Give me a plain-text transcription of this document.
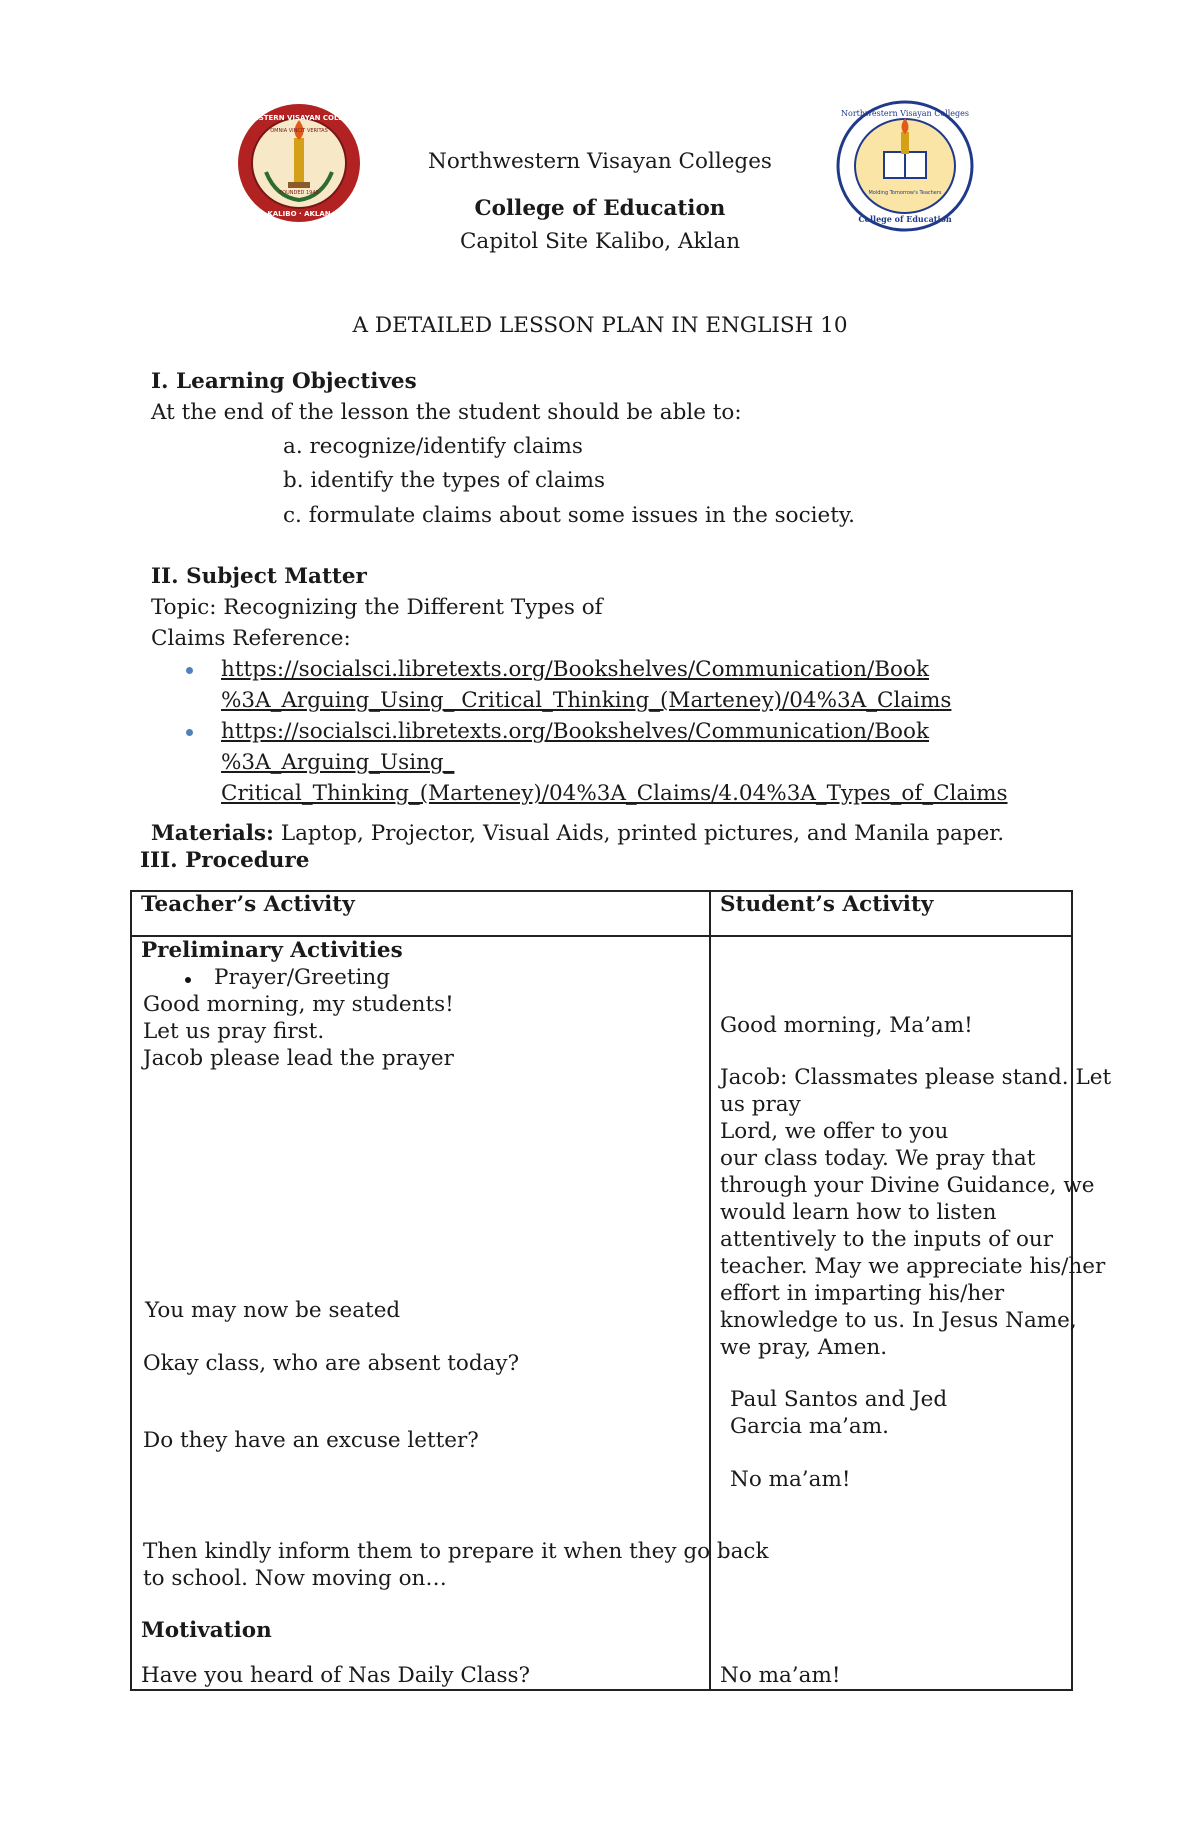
NORTHWESTERN VISAYAN COLLEGES INC
OMNIA VINCIT VERITAS
FOUNDED 1948
KALIBO · AKLAN
Northwestern Visayan Colleges
Molding Tomorrow's Teachers
College of Education
Northwestern Visayan Colleges
College of Education
Capitol Site Kalibo, Aklan
A DETAILED LESSON PLAN IN ENGLISH 10
I. Learning Objectives
At the end of the lesson the student should be able to:
a. recognize/identify claims
b. identify the types of claims
c. formulate claims about some issues in the society.
II. Subject Matter
Topic: Recognizing the Different Types of
Claims Reference:
https://socialsci.libretexts.org/Bookshelves/Communication/Book
%3A_Arguing_Using_ Critical_Thinking_(Marteney)/04%3A_Claims
https://socialsci.libretexts.org/Bookshelves/Communication/Book
%3A_Arguing_Using_
Critical_Thinking_(Marteney)/04%3A_Claims/4.04%3A_Types_of_Claims
Materials: Laptop, Projector, Visual Aids, printed pictures, and Manila paper.
III. Procedure
Teacher’s Activity	Student’s Activity
Preliminary Activities
Prayer/Greeting
Good morning, my students!
Let us pray first.
Jacob please lead the prayer
You may now be seated
Okay class, who are absent today?
Do they have an excuse letter?
Then kindly inform them to prepare it when they go back
to school. Now moving on…
Motivation
Have you heard of Nas Daily Class?
Good morning, Ma’am!
Jacob: Classmates please stand. Let
us pray
Lord, we offer to you
our class today. We pray that
through your Divine Guidance, we
would learn how to listen
attentively to the inputs of our
teacher. May we appreciate his/her
effort in imparting his/her
knowledge to us. In Jesus Name,
we pray, Amen.
Paul Santos and Jed
Garcia ma’am.
No ma’am!
No ma’am!
